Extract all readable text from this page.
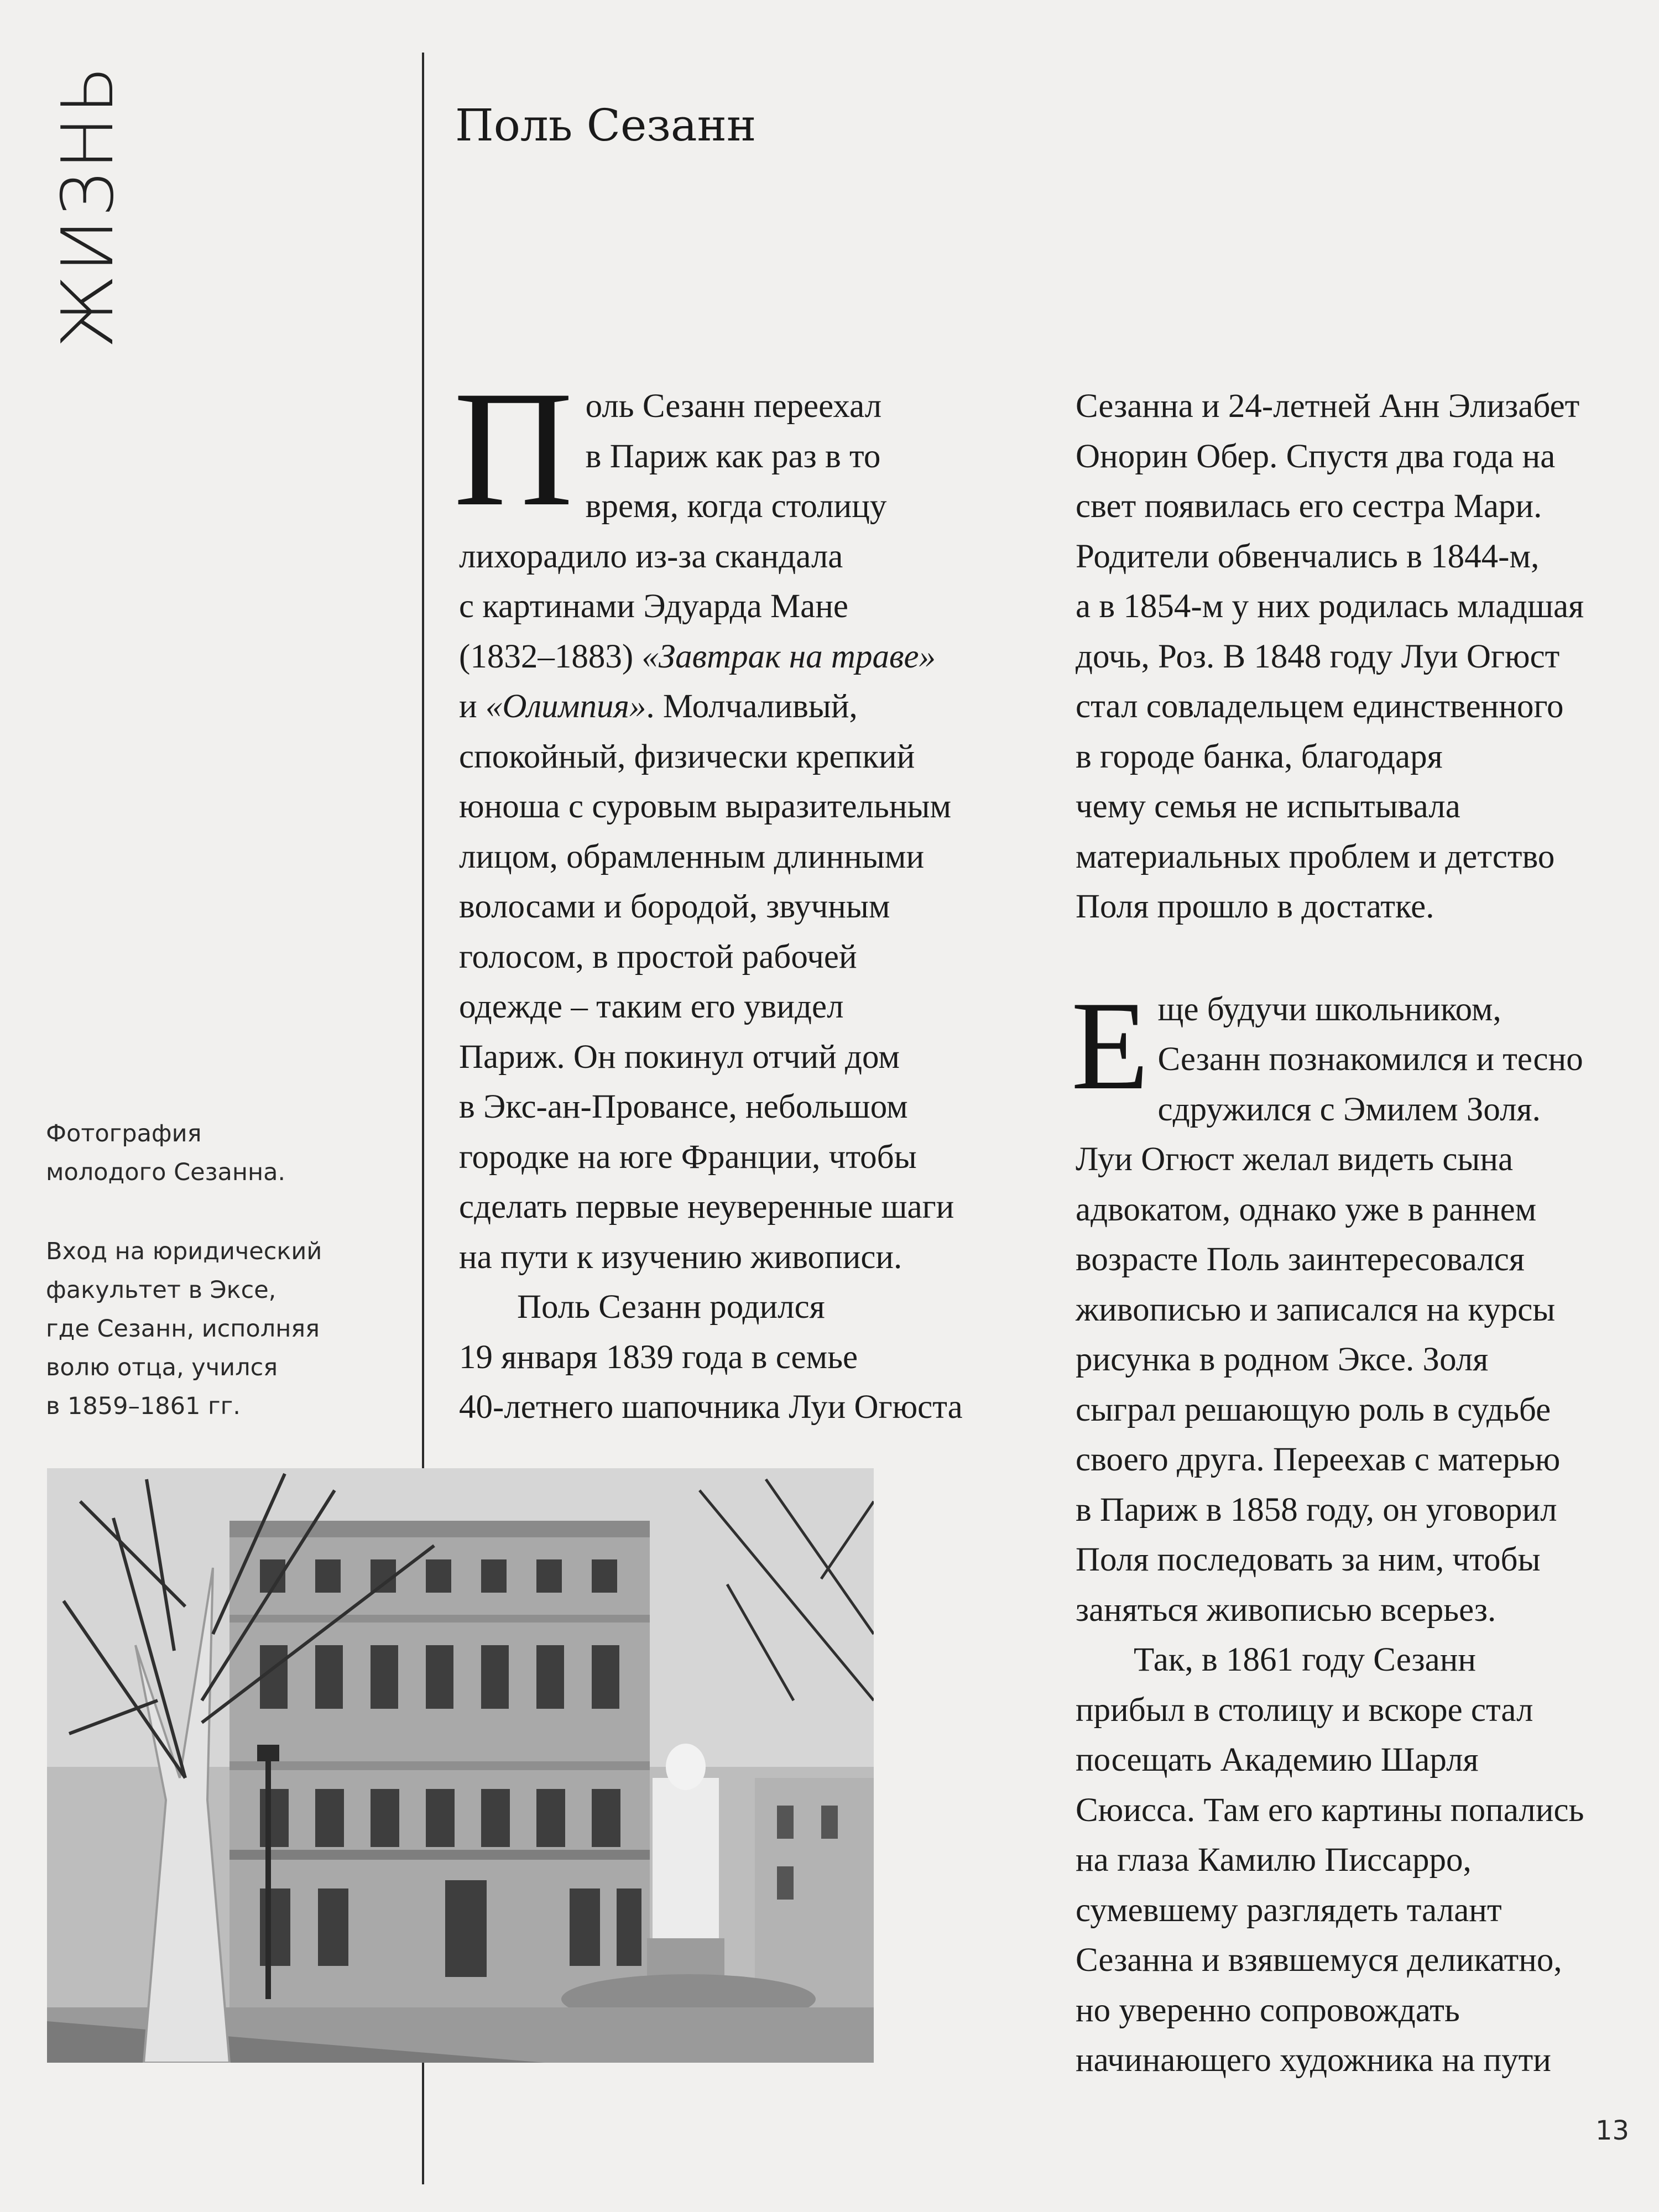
ЖИЗНЬ	Поль Сезанн

П оль Сезанн переехал
в Париж как раз в то
время, когда столицу
лихорадило из-за скандала
с картинами Эдуарда Мане
(1832–1883) «Завтрак на траве»
и «Олимпия». Молчаливый,
спокойный, физически крепкий
юноша с суровым выразительным
лицом, обрамленным длинными
волосами и бородой, звучным
голосом, в простой рабочей
одежде – таким его увидел
Париж. Он покинул отчий дом
в Экс-ан-Провансе, небольшом
городке на юге Франции, чтобы
сделать первые неуверенные шаги
на пути к изучению живописи.

Поль Сезанн родился
19 января 1839 года в семье
40-летнего шапочника Луи Огюста

Сезанна и 24-летней Анн Элизабет
Онорин Обер. Спустя два года на
свет появилась его сестра Мари.
Родители обвенчались в 1844-м,
а в 1854-м у них родилась младшая
дочь, Роз. В 1848 году Луи Огюст
стал совладельцем единственного
в городе банка, благодаря
чему семья не испытывала
материальных проблем и детство
Поля прошло в достатке.

Е ще будучи школьником,
Сезанн познакомился и тесно
сдружился с Эмилем Золя.
Луи Огюст желал видеть сына
адвокатом, однако уже в раннем
возрасте Поль заинтересовался
живописью и записался на курсы
рисунка в родном Эксе. Золя
сыграл решающую роль в судьбе
своего друга. Переехав с матерью
в Париж в 1858 году, он уговорил
Поля последовать за ним, чтобы
заняться живописью всерьез.

Так, в 1861 году Сезанн
прибыл в столицу и вскоре стал
посещать Академию Шарля
Сюисса. Там его картины попались
на глаза Камилю Писсарро,
сумевшему разглядеть талант
Сезанна и взявшемуся деликатно,
но уверенно сопровождать
начинающего художника на пути

Фотография
молодого Сезанна.
Вход на юридический
факультет в Эксе,
где Сезанн, исполняя
волю отца, учился
в 1859–1861 гг.
13
